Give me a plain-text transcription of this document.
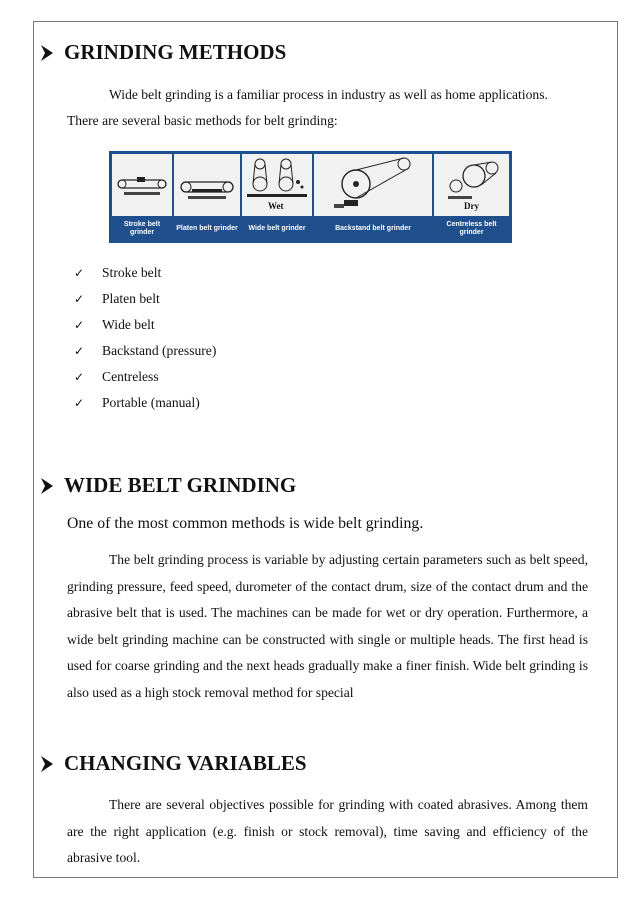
GRINDING METHODS
Wide belt grinding is a familiar process in industry as well as home applications.
There are several basic methods for belt grinding:
Wet	Dry
Stroke belt grinder
Platen belt grinder	Wide belt grinder	Backstand belt grinder
Centreless belt grinder
✓	Stroke belt
✓	Platen belt
✓	Wide belt
✓	Backstand (pressure)
✓	Centreless
✓	Portable (manual)
WIDE BELT GRINDING
One of the most common methods is wide belt grinding.
The belt grinding process is variable by adjusting certain parameters such as belt speed, grinding pressure, feed speed, durometer of the contact drum, size of the contact drum and the abrasive belt that is used. The machines can be made for wet or dry operation. Furthermore, a wide belt grinding machine can be constructed with single or multiple heads. The first head is used for coarse grinding and the next heads gradually make a finer finish. Wide belt grinding is also used as a high stock removal method for special
CHANGING VARIABLES
There are several objectives possible for grinding with coated abrasives. Among them are the right application (e.g. finish or stock removal), time saving and efficiency of the abrasive tool.
